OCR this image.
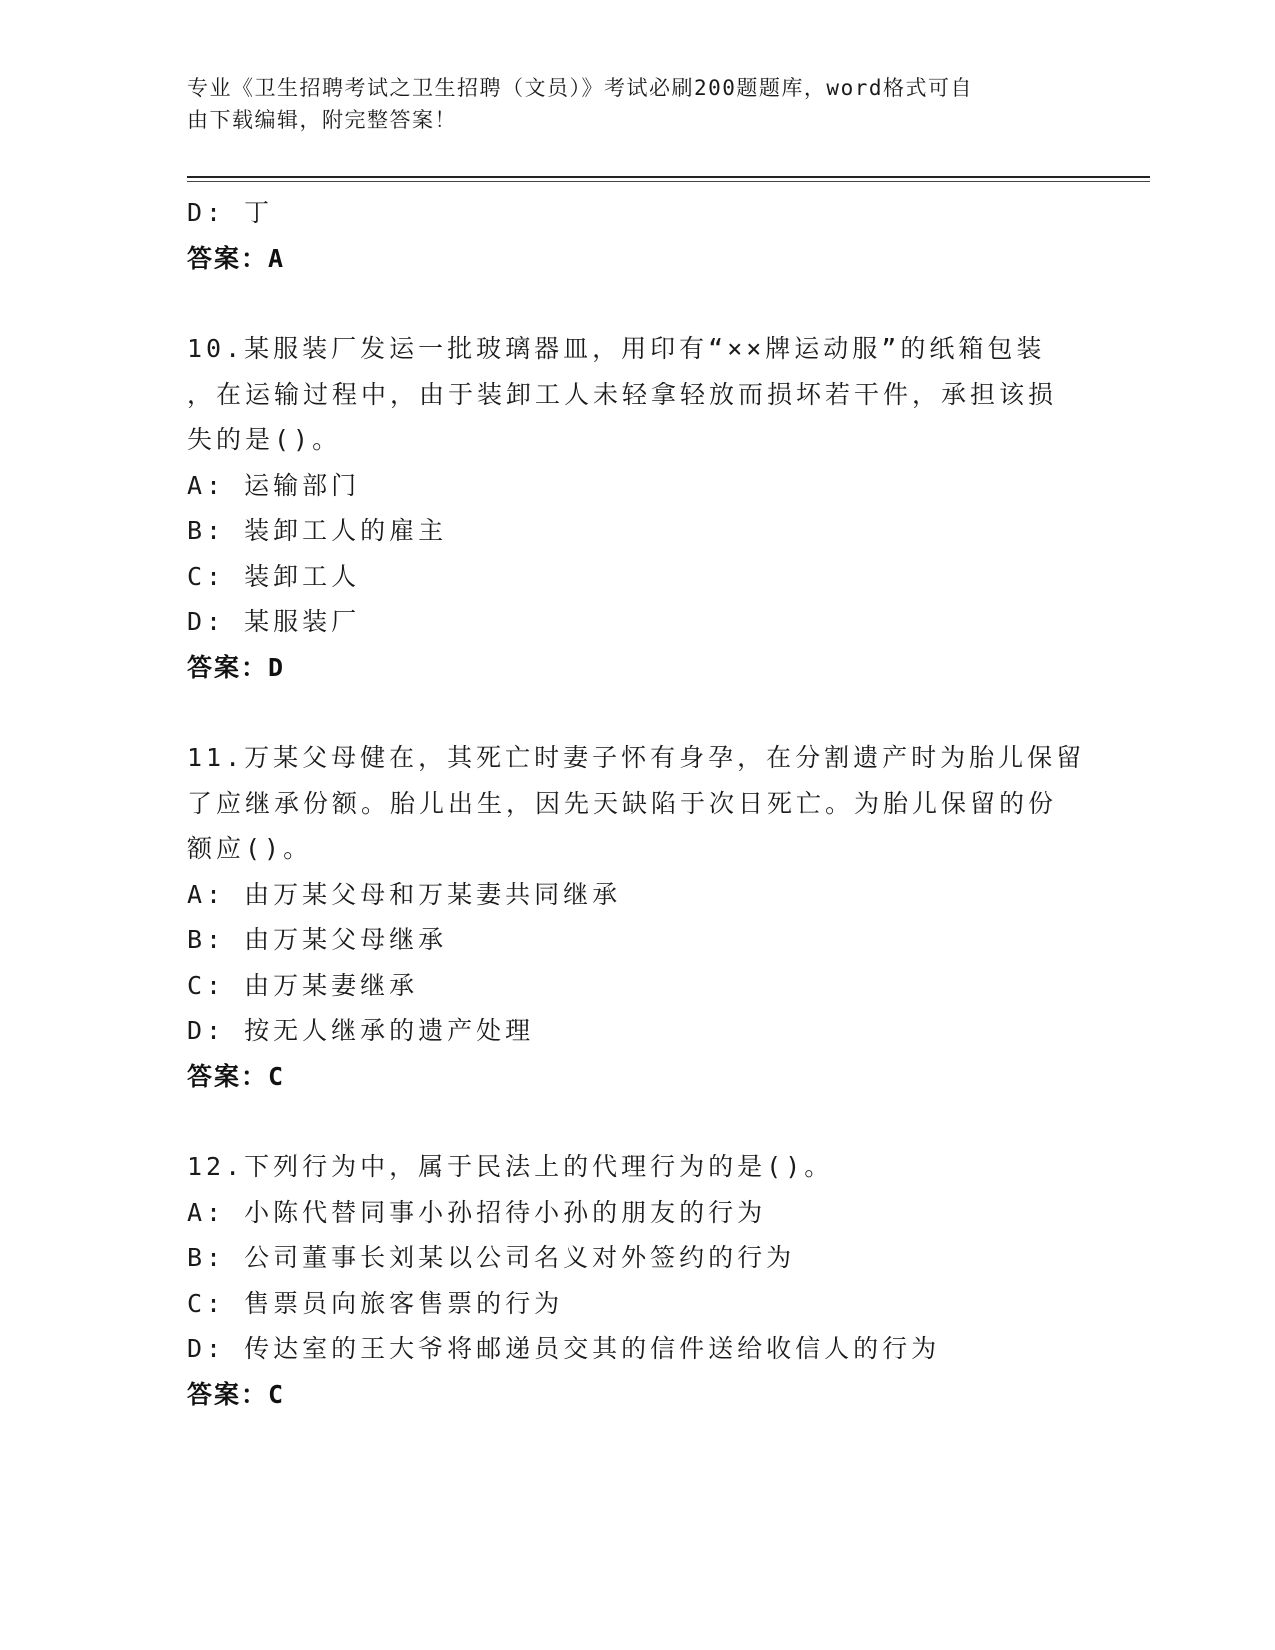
专业《卫生招聘考试之卫生招聘（文员）》考试必刷200题题库，word格式可自
由下载编辑，附完整答案！
D: 丁
答案：A
10.某服装厂发运一批玻璃器皿，用印有“××牌运动服”的纸箱包装
，在运输过程中，由于装卸工人未轻拿轻放而损坏若干件，承担该损
失的是()。
A: 运输部门
B: 装卸工人的雇主
C: 装卸工人
D: 某服装厂
答案：D
11.万某父母健在，其死亡时妻子怀有身孕，在分割遗产时为胎儿保留
了应继承份额。胎儿出生，因先天缺陷于次日死亡。为胎儿保留的份
额应()。
A: 由万某父母和万某妻共同继承
B: 由万某父母继承
C: 由万某妻继承
D: 按无人继承的遗产处理
答案：C
12.下列行为中，属于民法上的代理行为的是()。
A: 小陈代替同事小孙招待小孙的朋友的行为
B: 公司董事长刘某以公司名义对外签约的行为
C: 售票员向旅客售票的行为
D: 传达室的王大爷将邮递员交其的信件送给收信人的行为
答案：C
